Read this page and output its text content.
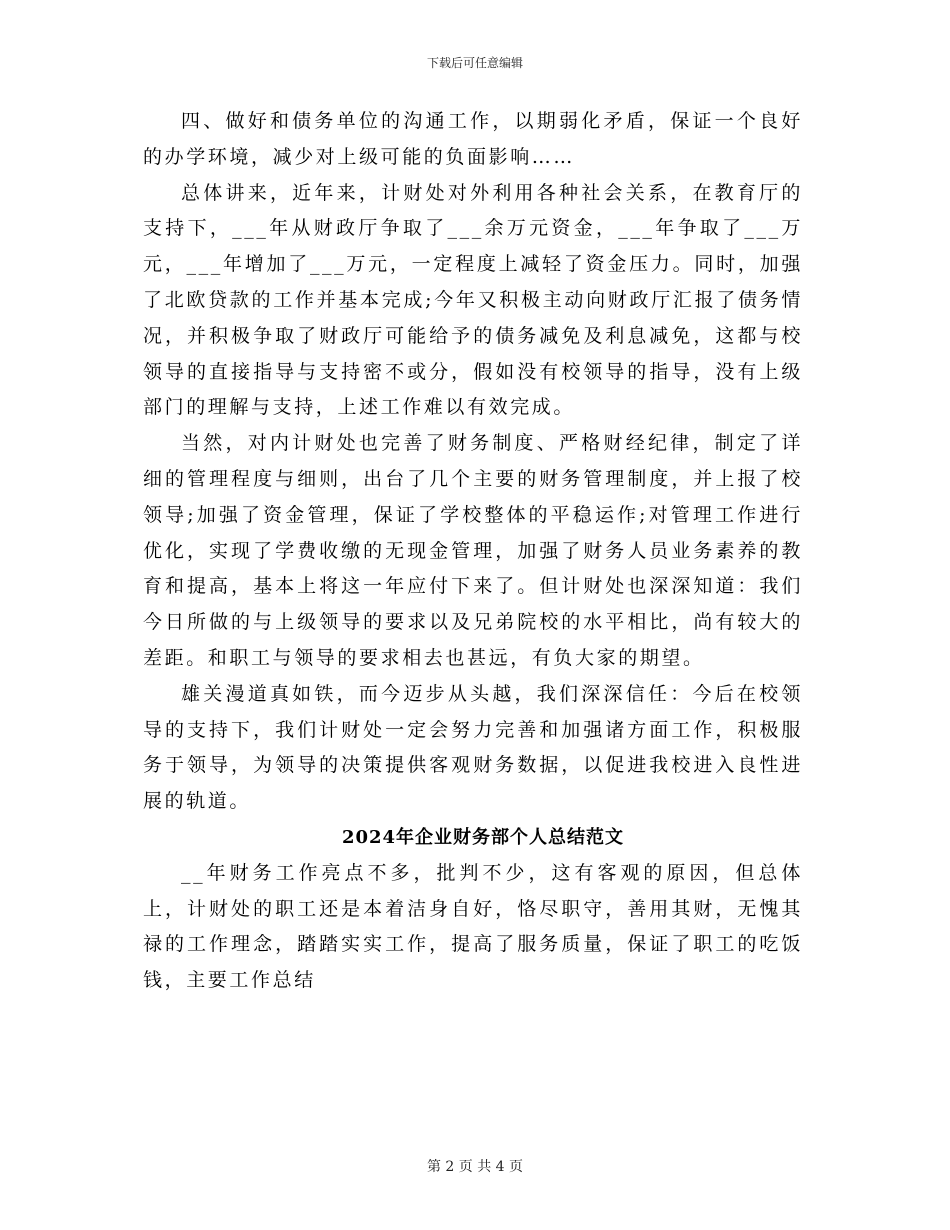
下载后可任意编辑

四、做好和债务单位的沟通工作，以期弱化矛盾，保证一个良好的办学环境，减少对上级可能的负面影响……

总体讲来，近年来，计财处对外利用各种社会关系，在教育厅的支持下，___年从财政厅争取了___余万元资金，___年争取了___万元，___年增加了___万元，一定程度上减轻了资金压力。同时，加强了北欧贷款的工作并基本完成;今年又积极主动向财政厅汇报了债务情况，并积极争取了财政厅可能给予的债务减免及利息减免，这都与校领导的直接指导与支持密不或分，假如没有校领导的指导，没有上级部门的理解与支持，上述工作难以有效完成。

当然，对内计财处也完善了财务制度、严格财经纪律，制定了详细的管理程度与细则，出台了几个主要的财务管理制度，并上报了校领导;加强了资金管理，保证了学校整体的平稳运作;对管理工作进行优化，实现了学费收缴的无现金管理，加强了财务人员业务素养的教育和提高，基本上将这一年应付下来了。但计财处也深深知道：我们今日所做的与上级领导的要求以及兄弟院校的水平相比，尚有较大的差距。和职工与领导的要求相去也甚远，有负大家的期望。

雄关漫道真如铁，而今迈步从头越，我们深深信任：今后在校领导的支持下，我们计财处一定会努力完善和加强诸方面工作，积极服务于领导，为领导的决策提供客观财务数据，以促进我校进入良性进展的轨道。

2024年企业财务部个人总结范文

__年财务工作亮点不多，批判不少，这有客观的原因，但总体上，计财处的职工还是本着洁身自好，恪尽职守，善用其财，无愧其禄的工作理念，踏踏实实工作，提高了服务质量，保证了职工的吃饭钱，主要工作总结

第 2 页 共 4 页
